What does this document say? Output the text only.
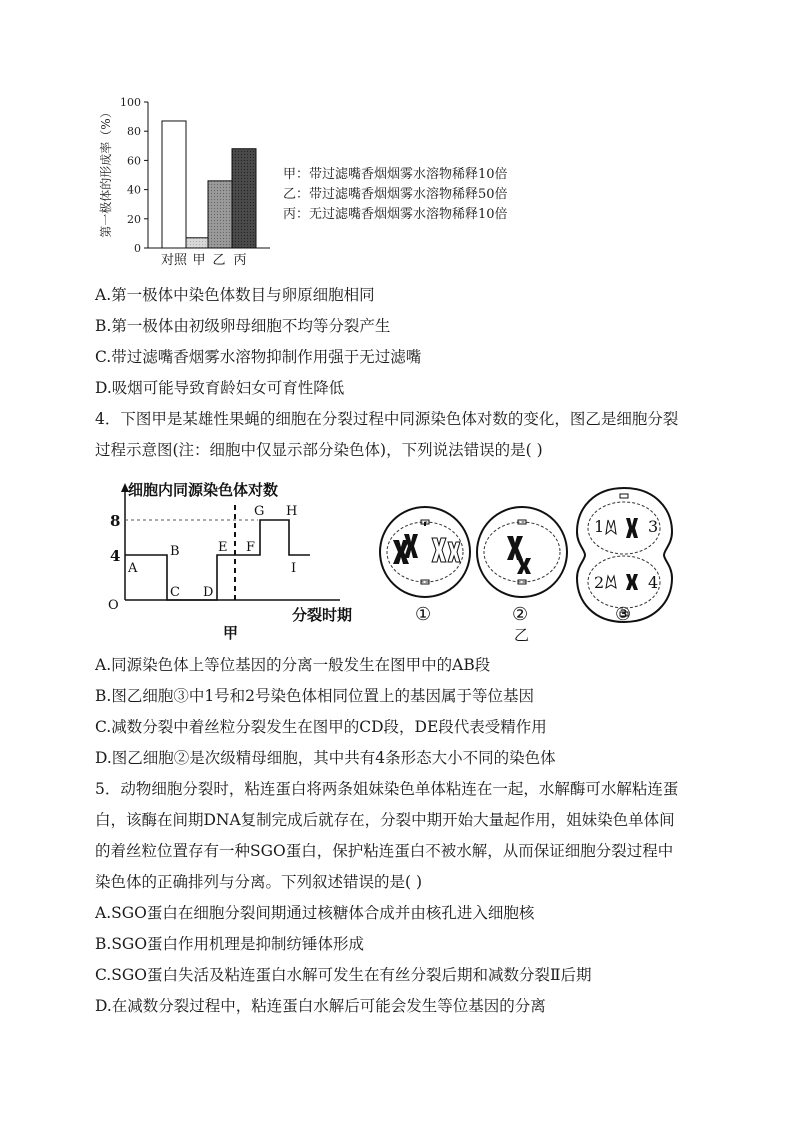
0
20
40
60
80
100
对照 甲 乙 丙
第一极体的形成率（%）	甲：带过滤嘴香烟烟雾水溶物稀释10倍
乙：带过滤嘴香烟烟雾水溶物稀释50倍
丙：无过滤嘴香烟烟雾水溶物稀释10倍
A.第一极体中染色体数目与卵原细胞相同
B.第一极体由初级卵母细胞不均等分裂产生
C.带过滤嘴香烟雾水溶物抑制作用强于无过滤嘴
D.吸烟可能导致育龄妇女可育性降低
4．下图甲是某雄性果蝇的细胞在分裂过程中同源染色体对数的变化，图乙是细胞分裂
过程示意图(注：细胞中仅显示部分染色体)，下列说法错误的是( )
细胞内同源染色体对数
分裂时期
O
8
4
A
B
C D
E F
G H
I
甲
①	②
乙
1	3
2	4
③
A.同源染色体上等位基因的分离一般发生在图甲中的AB段
B.图乙细胞③中1号和2号染色体相同位置上的基因属于等位基因
C.减数分裂中着丝粒分裂发生在图甲的CD段，DE段代表受精作用
D.图乙细胞②是次级精母细胞，其中共有4条形态大小不同的染色体
5．动物细胞分裂时，粘连蛋白将两条姐妹染色单体粘连在一起，水解酶可水解粘连蛋
白，该酶在间期DNA复制完成后就存在，分裂中期开始大量起作用，姐妹染色单体间
的着丝粒位置存有一种SGO蛋白，保护粘连蛋白不被水解，从而保证细胞分裂过程中
染色体的正确排列与分离。下列叙述错误的是( )
A.SGO蛋白在细胞分裂间期通过核糖体合成并由核孔进入细胞核
B.SGO蛋白作用机理是抑制纺锤体形成
C.SGO蛋白失活及粘连蛋白水解可发生在有丝分裂后期和减数分裂Ⅱ后期
D.在减数分裂过程中，粘连蛋白水解后可能会发生等位基因的分离
